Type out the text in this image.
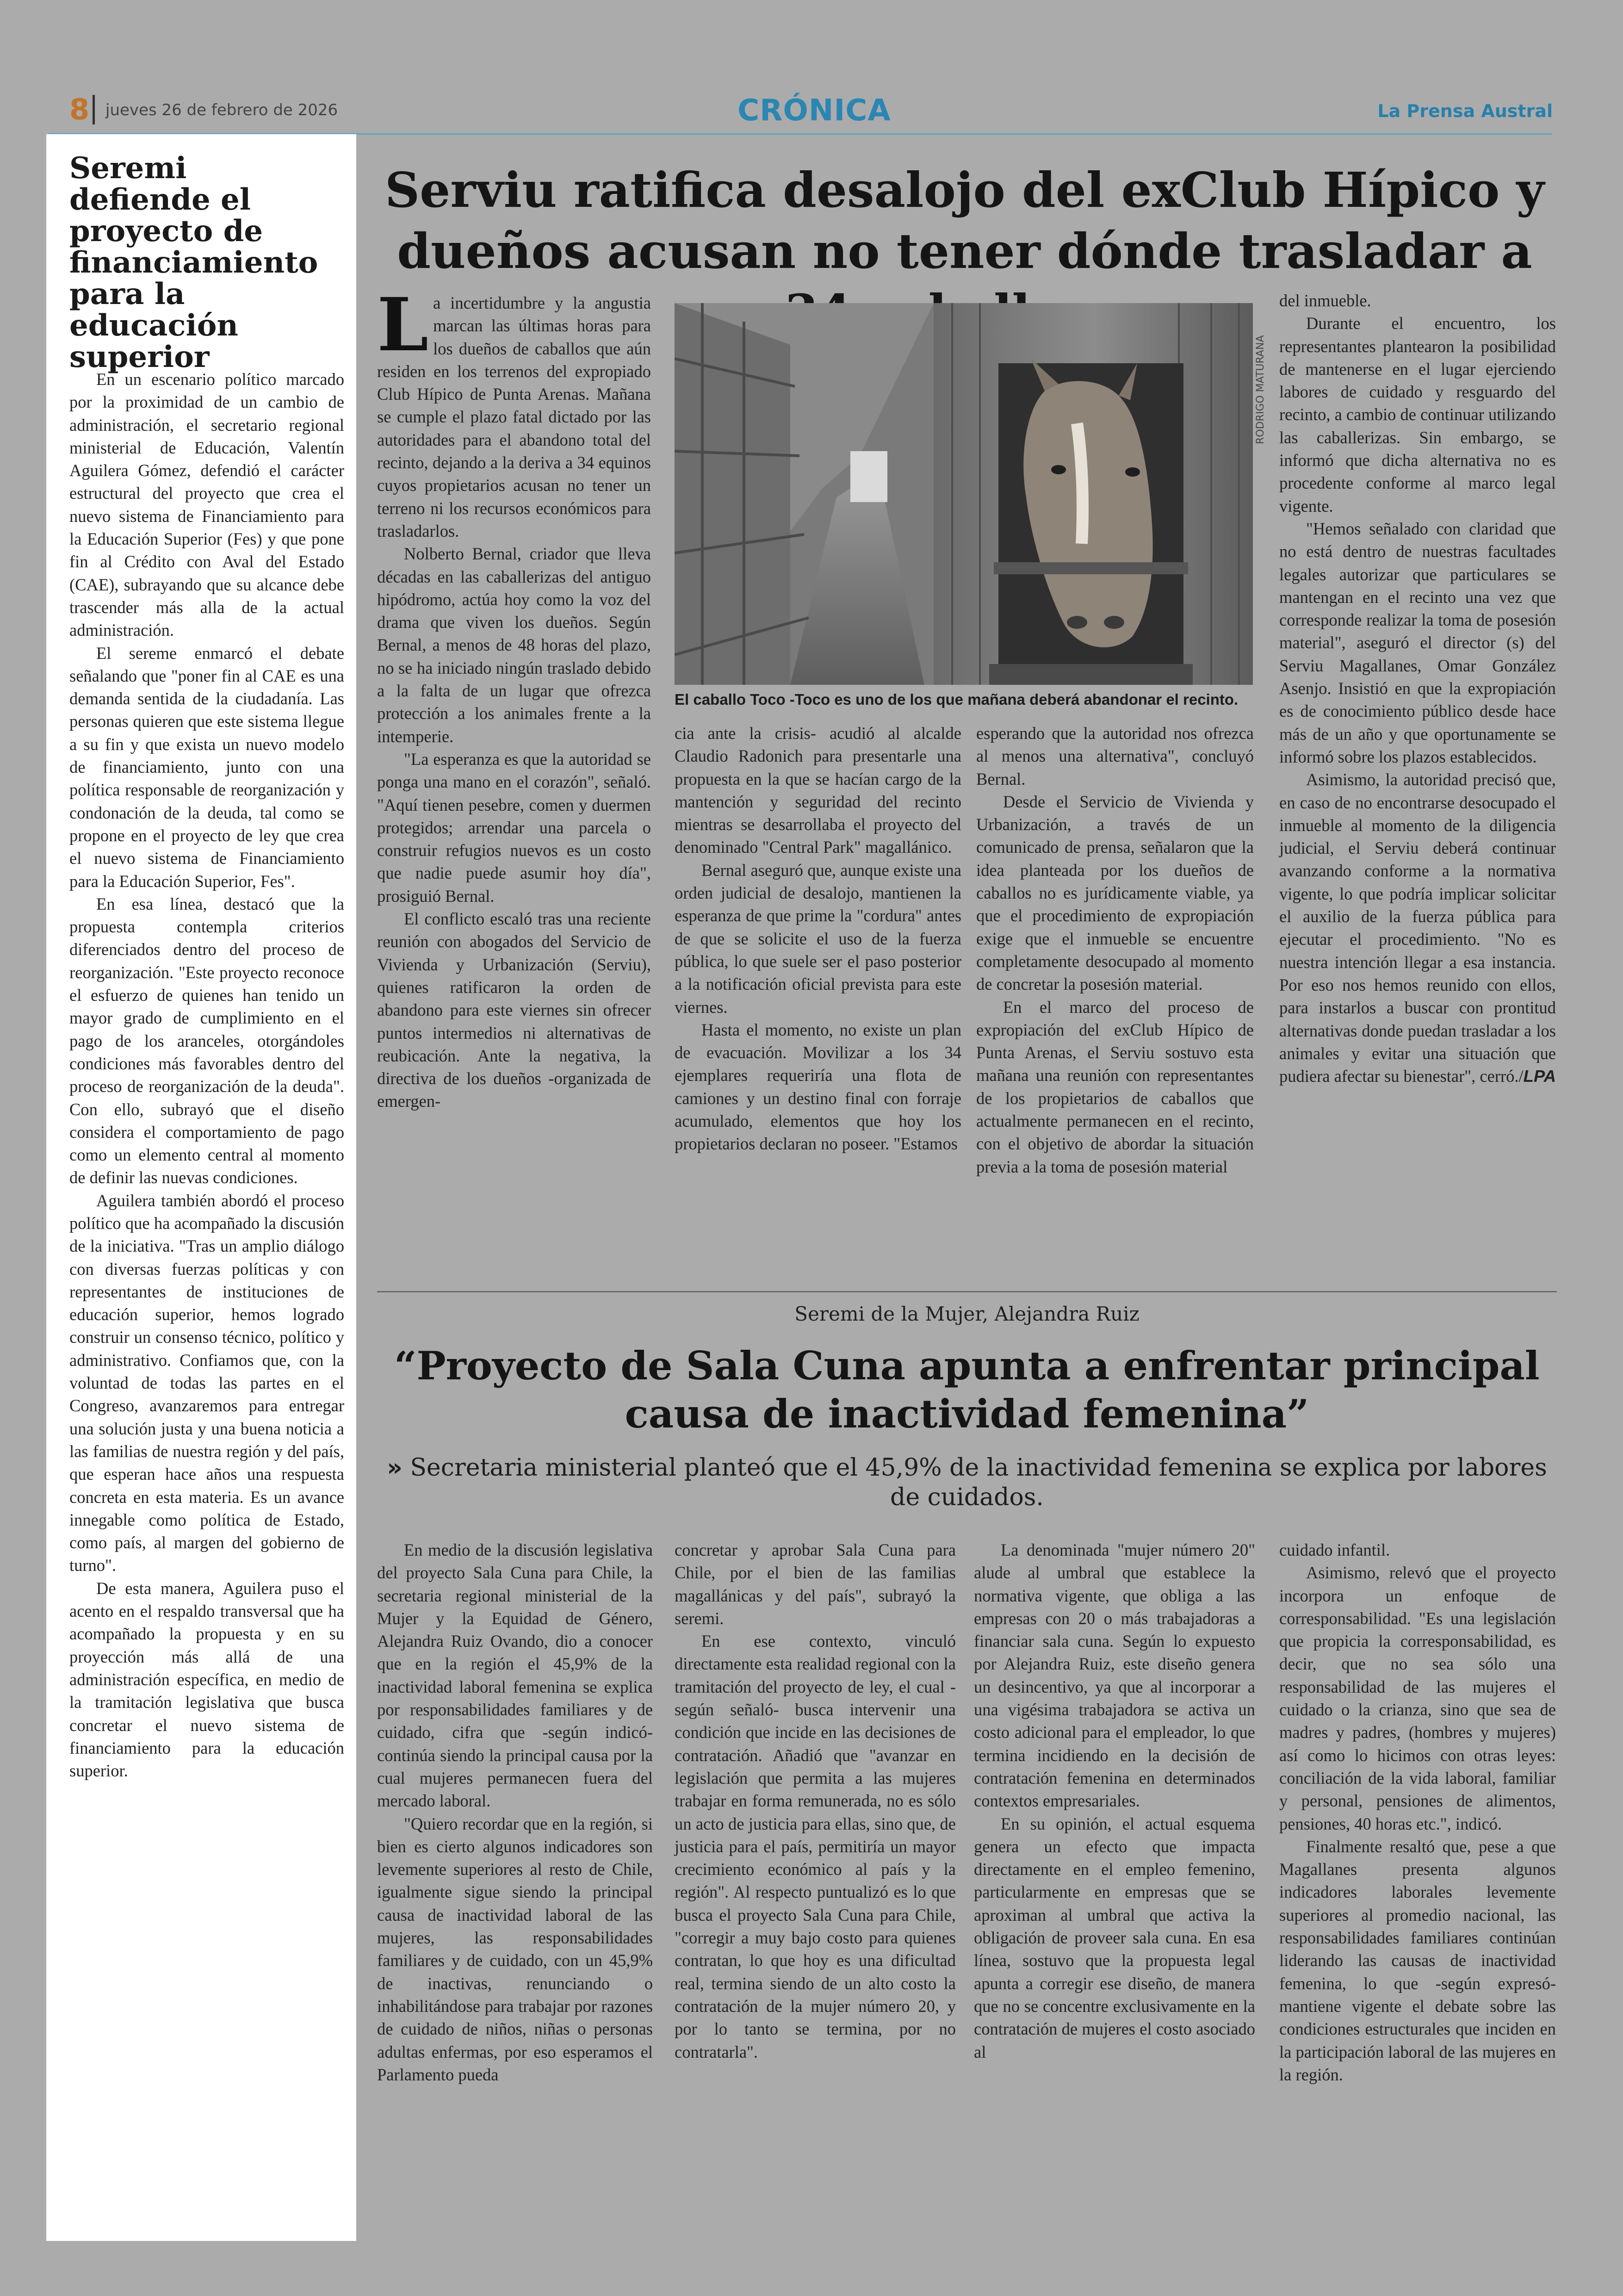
8 jueves 26 de febrero de 2026	CRÓNICA	La Prensa Austral
Seremi defiende el proyecto de financiamiento para la educación superior

En un escenario político marcado por la proximidad de un cambio de administración, el secretario regional ministerial de Educación, Valentín Aguilera Gómez, defendió el carácter estructural del proyecto que crea el nuevo sistema de Financiamiento para la Educación Superior (Fes) y que pone fin al Crédito con Aval del Estado (CAE), subrayando que su alcance debe trascender más alla de la actual administración.

El sereme enmarcó el debate señalando que "poner fin al CAE es una demanda sentida de la ciudadanía. Las personas quieren que este sistema llegue a su fin y que exista un nuevo modelo de financiamiento, junto con una política responsable de reorganización y condonación de la deuda, tal como se propone en el proyecto de ley que crea el nuevo sistema de Financiamiento para la Educación Superior, Fes".

En esa línea, destacó que la propuesta contempla criterios diferenciados dentro del proceso de reorganización. "Este proyecto reconoce el esfuerzo de quienes han tenido un mayor grado de cumplimiento en el pago de los aranceles, otorgándoles condiciones más favorables dentro del proceso de reorganización de la deuda". Con ello, subrayó que el diseño considera el comportamiento de pago como un elemento central al momento de definir las nuevas condiciones.

Aguilera también abordó el proceso político que ha acompañado la discusión de la iniciativa. "Tras un amplio diálogo con diversas fuerzas políticas y con representantes de instituciones de educación superior, hemos logrado construir un consenso técnico, político y administrativo. Confiamos que, con la voluntad de todas las partes en el Congreso, avanzaremos para entregar una solución justa y una buena noticia a las familias de nuestra región y del país, que esperan hace años una respuesta concreta en esta materia. Es un avance innegable como política de Estado, como país, al margen del gobierno de turno".

De esta manera, Aguilera puso el acento en el respaldo transversal que ha acompañado la propuesta y en su proyección más allá de una administración específica, en medio de la tramitación legislativa que busca concretar el nuevo sistema de financiamiento para la educación superior.

Serviu ratifica desalojo del exClub Hípico y dueños acusan no tener dónde trasladar a

La incertidumbre y la angustia marcan las últimas horas para los dueños de caballos que aún residen en los terrenos del expropiado Club Hípico de Punta Arenas. Mañana se cumple el plazo fatal dictado por las autoridades para el abandono total del recinto, dejando a la deriva a 34 equinos cuyos propietarios acusan no tener un terreno ni los recursos económicos para trasladarlos.

Nolberto Bernal, criador que lleva décadas en las caballerizas del antiguo hipódromo, actúa hoy como la voz del drama que viven los dueños. Según Bernal, a menos de 48 horas del plazo, no se ha iniciado ningún traslado debido a la falta de un lugar que ofrezca protección a los animales frente a la intemperie.

"La esperanza es que la autoridad se ponga una mano en el corazón", señaló. "Aquí tienen pesebre, comen y duermen protegidos; arrendar una parcela o construir refugios nuevos es un costo que nadie puede asumir hoy día", prosiguió Bernal.

El conflicto escaló tras una reciente reunión con abogados del Servicio de Vivienda y Urbanización (Serviu), quienes ratificaron la orden de abandono para este viernes sin ofrecer puntos intermedios ni alternativas de reubicación. Ante la negativa, la directiva de los dueños -organizada de emergen-

RODRIGO MATURANA
El caballo Toco -Toco es uno de los que mañana deberá abandonar el recinto.

cia ante la crisis- acudió al alcalde Claudio Radonich para presentarle una propuesta en la que se hacían cargo de la mantención y seguridad del recinto mientras se desarrollaba el proyecto del denominado "Central Park" magallánico.

Bernal aseguró que, aunque existe una orden judicial de desalojo, mantienen la esperanza de que prime la "cordura" antes de que se solicite el uso de la fuerza pública, lo que suele ser el paso posterior a la notificación oficial prevista para este viernes.

Hasta el momento, no existe un plan de evacuación. Movilizar a los 34 ejemplares requeriría una flota de camiones y un destino final con forraje acumulado, elementos que hoy los propietarios declaran no poseer. "Estamos

esperando que la autoridad nos ofrezca al menos una alternativa", concluyó Bernal.

Desde el Servicio de Vivienda y Urbanización, a través de un comunicado de prensa, señalaron que la idea planteada por los dueños de caballos no es jurídicamente viable, ya que el procedimiento de expropiación exige que el inmueble se encuentre completamente desocupado al momento de concretar la posesión material.

En el marco del proceso de expropiación del exClub Hípico de Punta Arenas, el Serviu sostuvo esta mañana una reunión con representantes de los propietarios de caballos que actualmente permanecen en el recinto, con el objetivo de abordar la situación previa a la toma de posesión material

del inmueble.

Durante el encuentro, los representantes plantearon la posibilidad de mantenerse en el lugar ejerciendo labores de cuidado y resguardo del recinto, a cambio de continuar utilizando las caballerizas. Sin embargo, se informó que dicha alternativa no es procedente conforme al marco legal vigente.

"Hemos señalado con claridad que no está dentro de nuestras facultades legales autorizar que particulares se mantengan en el recinto una vez que corresponde realizar la toma de posesión material", aseguró el director (s) del Serviu Magallanes, Omar González Asenjo. Insistió en que la expropiación es de conocimiento público desde hace más de un año y que oportunamente se informó sobre los plazos establecidos.

Asimismo, la autoridad precisó que, en caso de no encontrarse desocupado el inmueble al momento de la diligencia judicial, el Serviu deberá continuar avanzando conforme a la normativa vigente, lo que podría implicar solicitar el auxilio de la fuerza pública para ejecutar el procedimiento. "No es nuestra intención llegar a esa instancia. Por eso nos hemos reunido con ellos, para instarlos a buscar con prontitud alternativas donde puedan trasladar a los animales y evitar una situación que pudiera afectar su bienestar", cerró./LPA

Seremi de la Mujer, Alejandra Ruiz
“Proyecto de Sala Cuna apunta a enfrentar principal causa de inactividad femenina”
» Secretaria ministerial planteó que el 45,9% de la inactividad femenina se explica por labores de cuidados.

En medio de la discusión legislativa del proyecto Sala Cuna para Chile, la secretaria regional ministerial de la Mujer y la Equidad de Género, Alejandra Ruiz Ovando, dio a conocer que en la región el 45,9% de la inactividad laboral femenina se explica por responsabilidades familiares y de cuidado, cifra que -según indicó- continúa siendo la principal causa por la cual mujeres permanecen fuera del mercado laboral.

"Quiero recordar que en la región, si bien es cierto algunos indicadores son levemente superiores al resto de Chile, igualmente sigue siendo la principal causa de inactividad laboral de las mujeres, las responsabilidades familiares y de cuidado, con un 45,9% de inactivas, renunciando o inhabilitándose para trabajar por razones de cuidado de niños, niñas o personas adultas enfermas, por eso esperamos el Parlamento pueda

concretar y aprobar Sala Cuna para Chile, por el bien de las familias magallánicas y del país", subrayó la seremi.

En ese contexto, vinculó directamente esta realidad regional con la tramitación del proyecto de ley, el cual -según señaló- busca intervenir una condición que incide en las decisiones de contratación. Añadió que "avanzar en legislación que permita a las mujeres trabajar en forma remunerada, no es sólo un acto de justicia para ellas, sino que, de justicia para el país, permitiría un mayor crecimiento económico al país y la región". Al respecto puntualizó es lo que busca el proyecto Sala Cuna para Chile, "corregir a muy bajo costo para quienes contratan, lo que hoy es una dificultad real, termina siendo de un alto costo la contratación de la mujer número 20, y por lo tanto se termina, por no contratarla".

La denominada "mujer número 20" alude al umbral que establece la normativa vigente, que obliga a las empresas con 20 o más trabajadoras a financiar sala cuna. Según lo expuesto por Alejandra Ruiz, este diseño genera un desincentivo, ya que al incorporar a una vigésima trabajadora se activa un costo adicional para el empleador, lo que termina incidiendo en la decisión de contratación femenina en determinados contextos empresariales.

En su opinión, el actual esquema genera un efecto que impacta directamente en el empleo femenino, particularmente en empresas que se aproximan al umbral que activa la obligación de proveer sala cuna. En esa línea, sostuvo que la propuesta legal apunta a corregir ese diseño, de manera que no se concentre exclusivamente en la contratación de mujeres el costo asociado al

cuidado infantil.

Asimismo, relevó que el proyecto incorpora un enfoque de corresponsabilidad. "Es una legislación que propicia la corresponsabilidad, es decir, que no sea sólo una responsabilidad de las mujeres el cuidado o la crianza, sino que sea de madres y padres, (hombres y mujeres) así como lo hicimos con otras leyes: conciliación de la vida laboral, familiar y personal, pensiones de alimentos, pensiones, 40 horas etc.", indicó.

Finalmente resaltó que, pese a que Magallanes presenta algunos indicadores laborales levemente superiores al promedio nacional, las responsabilidades familiares continúan liderando las causas de inactividad femenina, lo que -según expresó- mantiene vigente el debate sobre las condiciones estructurales que inciden en la participación laboral de las mujeres en la región.
